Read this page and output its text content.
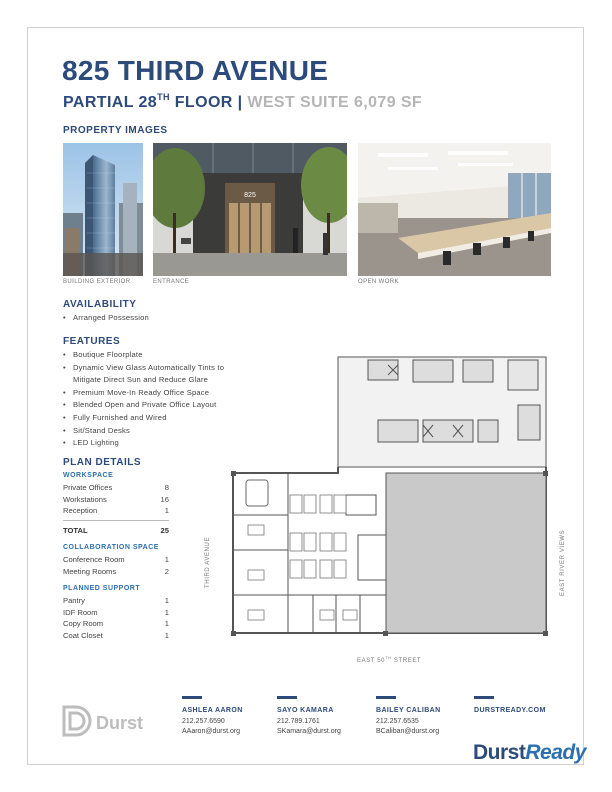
825 THIRD AVENUE
PARTIAL 28TH FLOOR | WEST SUITE 6,079 SF
PROPERTY IMAGES
825
BUILDING EXTERIOR	ENTRANCE	OPEN WORK
AVAILABILITY
• Arranged Possession
FEATURES
• Boutique Floorplate
• Dynamic View Glass Automatically Tints to Mitigate Direct Sun and Reduce Glare
• Premium Move-In Ready Office Space
• Blended Open and Private Office Layout
• Fully Furnished and Wired
• Sit/Stand Desks
• LED Lighting
PLAN DETAILS
WORKSPACE
Private Offices	8
Workstations	16
Reception	1
TOTAL	25
COLLABORATION SPACE
Conference Room	1
Meeting Rooms	2
PLANNED SUPPORT
Pantry	1
IDF Room	1
Copy Room	1
Coat Closet	1
THIRD AVENUE	EAST RIVER VIEWS
EAST 50TH STREET
Durst
ASHLEA AARON
212.257.6590
AAaron@durst.org
SAYO KAMARA
212.789.1761
SKamara@durst.org
BAILEY CALIBAN
212.257.6535
BCaliban@durst.org
DURSTREADY.COM
DurstReady
